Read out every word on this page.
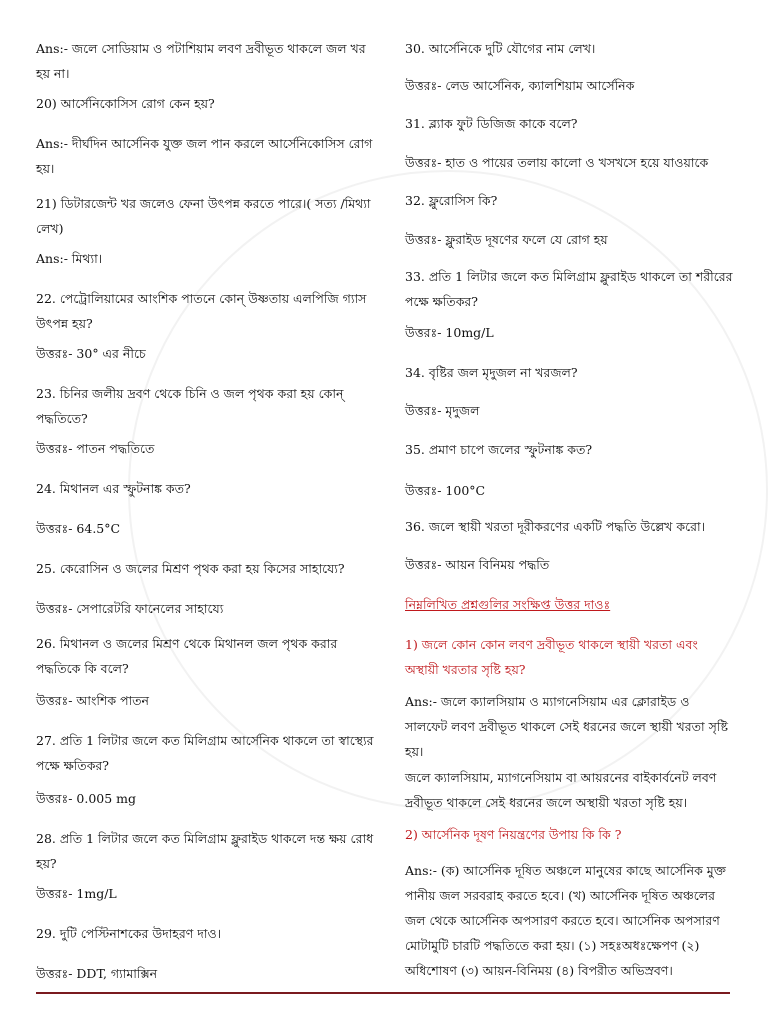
Ans:- জলে সোডিয়াম ও পটাশিয়াম লবণ দ্রবীভূত থাকলে জল খর হয় না।

20) আর্সেনিকোসিস রোগ কেন হয়?

Ans:- দীর্ঘদিন আর্সেনিক যুক্ত জল পান করলে আর্সেনিকোসিস রোগ হয়।

21) ডিটারজেন্ট খর জলেও ফেনা উৎপন্ন করতে পারে।( সত্য /মিথ্যা লেখ)

Ans:- মিথ্যা।

22. পেট্রোলিয়ামের আংশিক পাতনে কোন্ উষ্ণতায় এলপিজি গ্যাস উৎপন্ন হয়?

উত্তরঃ- 30° এর নীচে

23. চিনির জলীয় দ্রবণ থেকে চিনি ও জল পৃথক করা হয় কোন্ পদ্ধতিতে?

উত্তরঃ- পাতন পদ্ধতিতে

24. মিথানল এর স্ফুটনাঙ্ক কত?

উত্তরঃ- 64.5°C

25. কেরোসিন ও জলের মিশ্রণ পৃথক করা হয় কিসের সাহায্যে?

উত্তরঃ- সেপারেটরি ফানেলের সাহায্যে

26. মিথানল ও জলের মিশ্রণ থেকে মিথানল জল পৃথক করার পদ্ধতিকে কি বলে?

উত্তরঃ- আংশিক পাতন

27. প্রতি 1 লিটার জলে কত মিলিগ্রাম আর্সেনিক থাকলে তা স্বাস্থ্যের পক্ষে ক্ষতিকর?

উত্তরঃ- 0.005 mg

28. প্রতি 1 লিটার জলে কত মিলিগ্রাম ফ্লুরাইড থাকলে দন্ত ক্ষয় রোধ হয়?

উত্তরঃ- 1mg/L

29. দুটি পেস্টিনাশকের উদাহরণ দাও।

উত্তরঃ- DDT, গ্যামাক্সিন

30. আর্সেনিকে দুটি যৌগের নাম লেখ।

উত্তরঃ- লেড আর্সেনিক, ক্যালশিয়াম আর্সেনিক

31. ব্ল্যাক ফুট ডিজিজ কাকে বলে?

উত্তরঃ- হাত ও পায়ের তলায় কালো ও খসখসে হয়ে যাওয়াকে

32. ফ্লুরোসিস কি?

উত্তরঃ- ফ্লুরাইড দূষণের ফলে যে রোগ হয়

33. প্রতি 1 লিটার জলে কত মিলিগ্রাম ফ্লুরাইড থাকলে তা শরীরের পক্ষে ক্ষতিকর?

উত্তরঃ- 10mg/L

34. বৃষ্টির জল মৃদুজল না খরজল?

উত্তরঃ- মৃদুজল

35. প্রমাণ চাপে জলের স্ফুটনাঙ্ক কত?

উত্তরঃ- 100°C

36. জলে স্থায়ী খরতা দূরীকরণের একটি পদ্ধতি উল্লেখ করো।

উত্তরঃ- আয়ন বিনিময় পদ্ধতি

নিম্নলিখিত প্রশ্নগুলির সংক্ষিপ্ত উত্তর দাওঃ

1) জলে কোন কোন লবণ দ্রবীভূত থাকলে স্থায়ী খরতা এবং অস্থায়ী খরতার সৃষ্টি হয়?

Ans:- জলে ক্যালসিয়াম ও ম্যাগনেসিয়াম এর ক্লোরাইড ও সালফেট লবণ দ্রবীভূত থাকলে সেই ধরনের জলে স্থায়ী খরতা সৃষ্টি হয়।

জলে ক্যালসিয়াম, ম্যাগনেসিয়াম বা আয়রনের বাইকার্বনেট লবণ দ্রবীভূত থাকলে সেই ধরনের জলে অস্থায়ী খরতা সৃষ্টি হয়।

2) আর্সেনিক দূষণ নিয়ন্ত্রণের উপায় কি কি ?

Ans:- (ক) আর্সেনিক দূষিত অঞ্চলে মানুষের কাছে আর্সেনিক মুক্ত পানীয় জল সরবরাহ করতে হবে। (খ) আর্সেনিক দূষিত অঞ্চলের জল থেকে আর্সেনিক অপসারণ করতে হবে। আর্সেনিক অপসারণ মোটামুটি চারটি পদ্ধতিতে করা হয়। (১) সহঃঅধঃক্ষেপণ (২) অধিশোষণ (৩) আয়ন-বিনিময় (৪) বিপরীত অভিস্রবণ।
